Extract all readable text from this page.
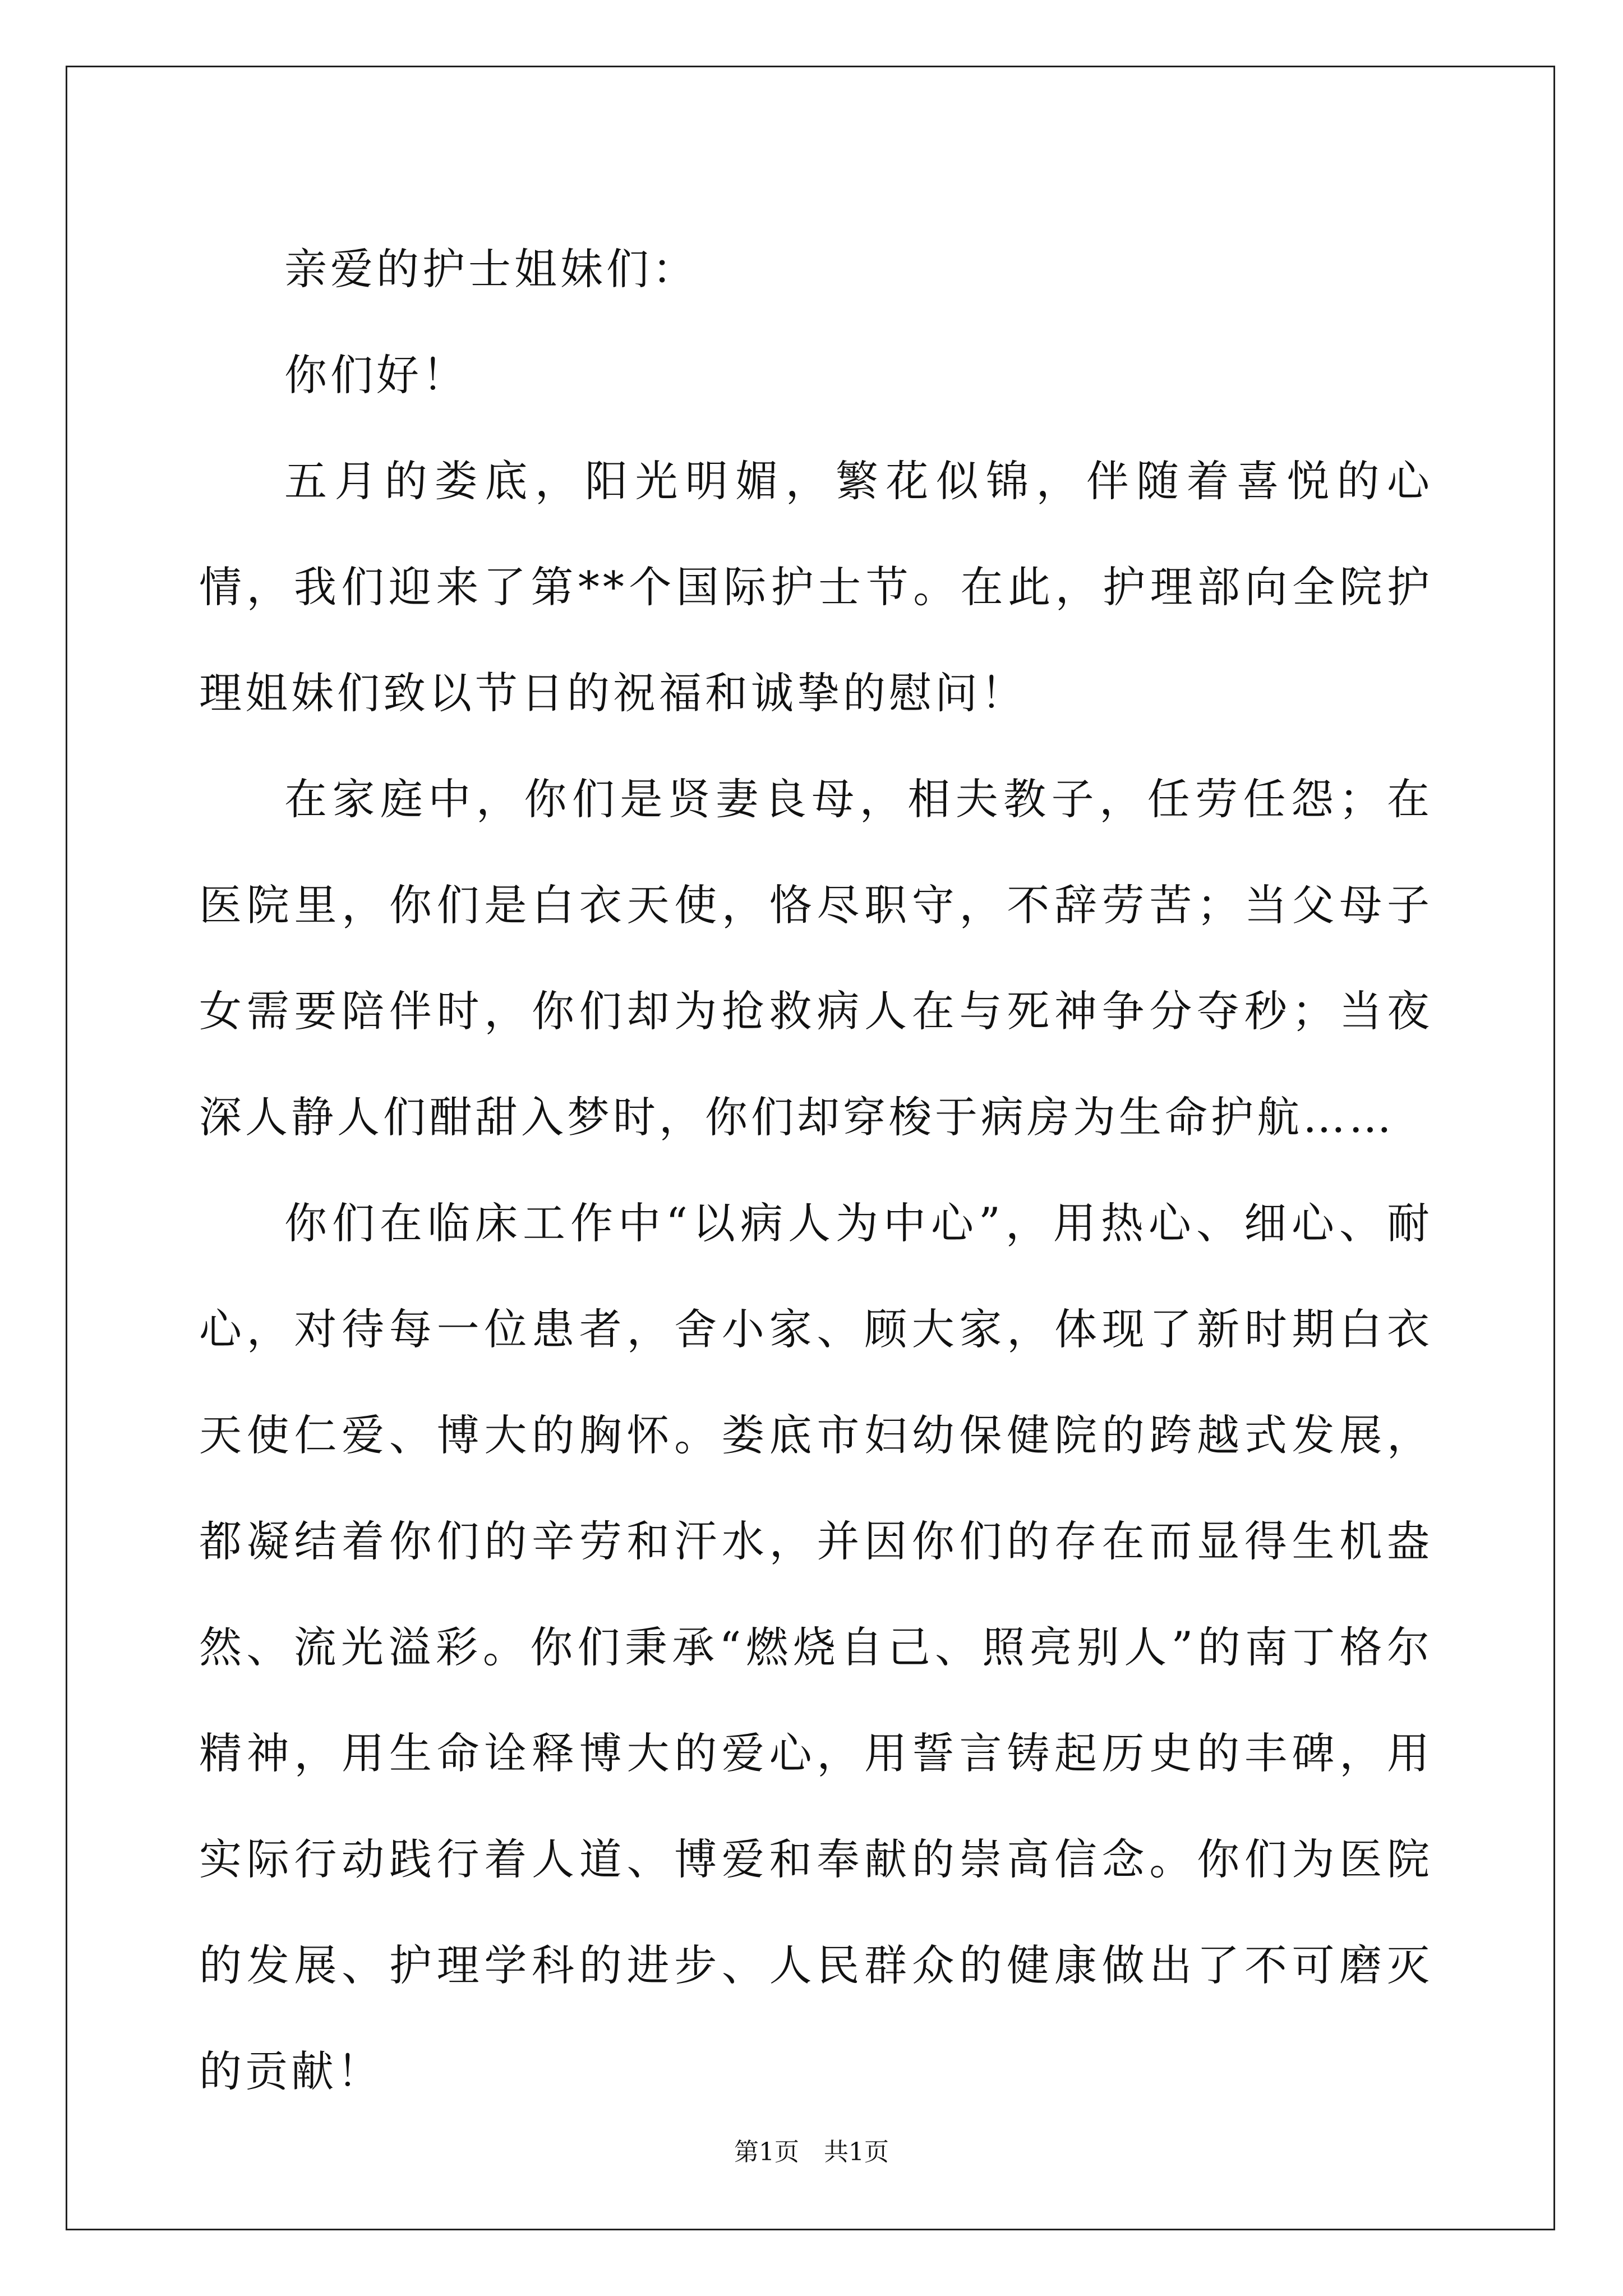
亲爱的护士姐妹们：

你们好！

五月的娄底，阳光明媚，繁花似锦，伴随着喜悦的心情，我们迎来了第**个国际护士节。在此，护理部向全院护理姐妹们致以节日的祝福和诚挚的慰问！

在家庭中，你们是贤妻良母，相夫教子，任劳任怨；在医院里，你们是白衣天使，恪尽职守，不辞劳苦；当父母子女需要陪伴时，你们却为抢救病人在与死神争分夺秒；当夜深人静人们酣甜入梦时，你们却穿梭于病房为生命护航……

你们在临床工作中“以病人为中心”，用热心、细心、耐心，对待每一位患者，舍小家、顾大家，体现了新时期白衣天使仁爱、博大的胸怀。娄底市妇幼保健院的跨越式发展，都凝结着你们的辛劳和汗水，并因你们的存在而显得生机盎然、流光溢彩。你们秉承“燃烧自己、照亮别人”的南丁格尔精神，用生命诠释博大的爱心，用誓言铸起历史的丰碑，用实际行动践行着人道、博爱和奉献的崇高信念。你们为医院的发展、护理学科的进步、人民群众的健康做出了不可磨灭的贡献！

第1页 共1页
